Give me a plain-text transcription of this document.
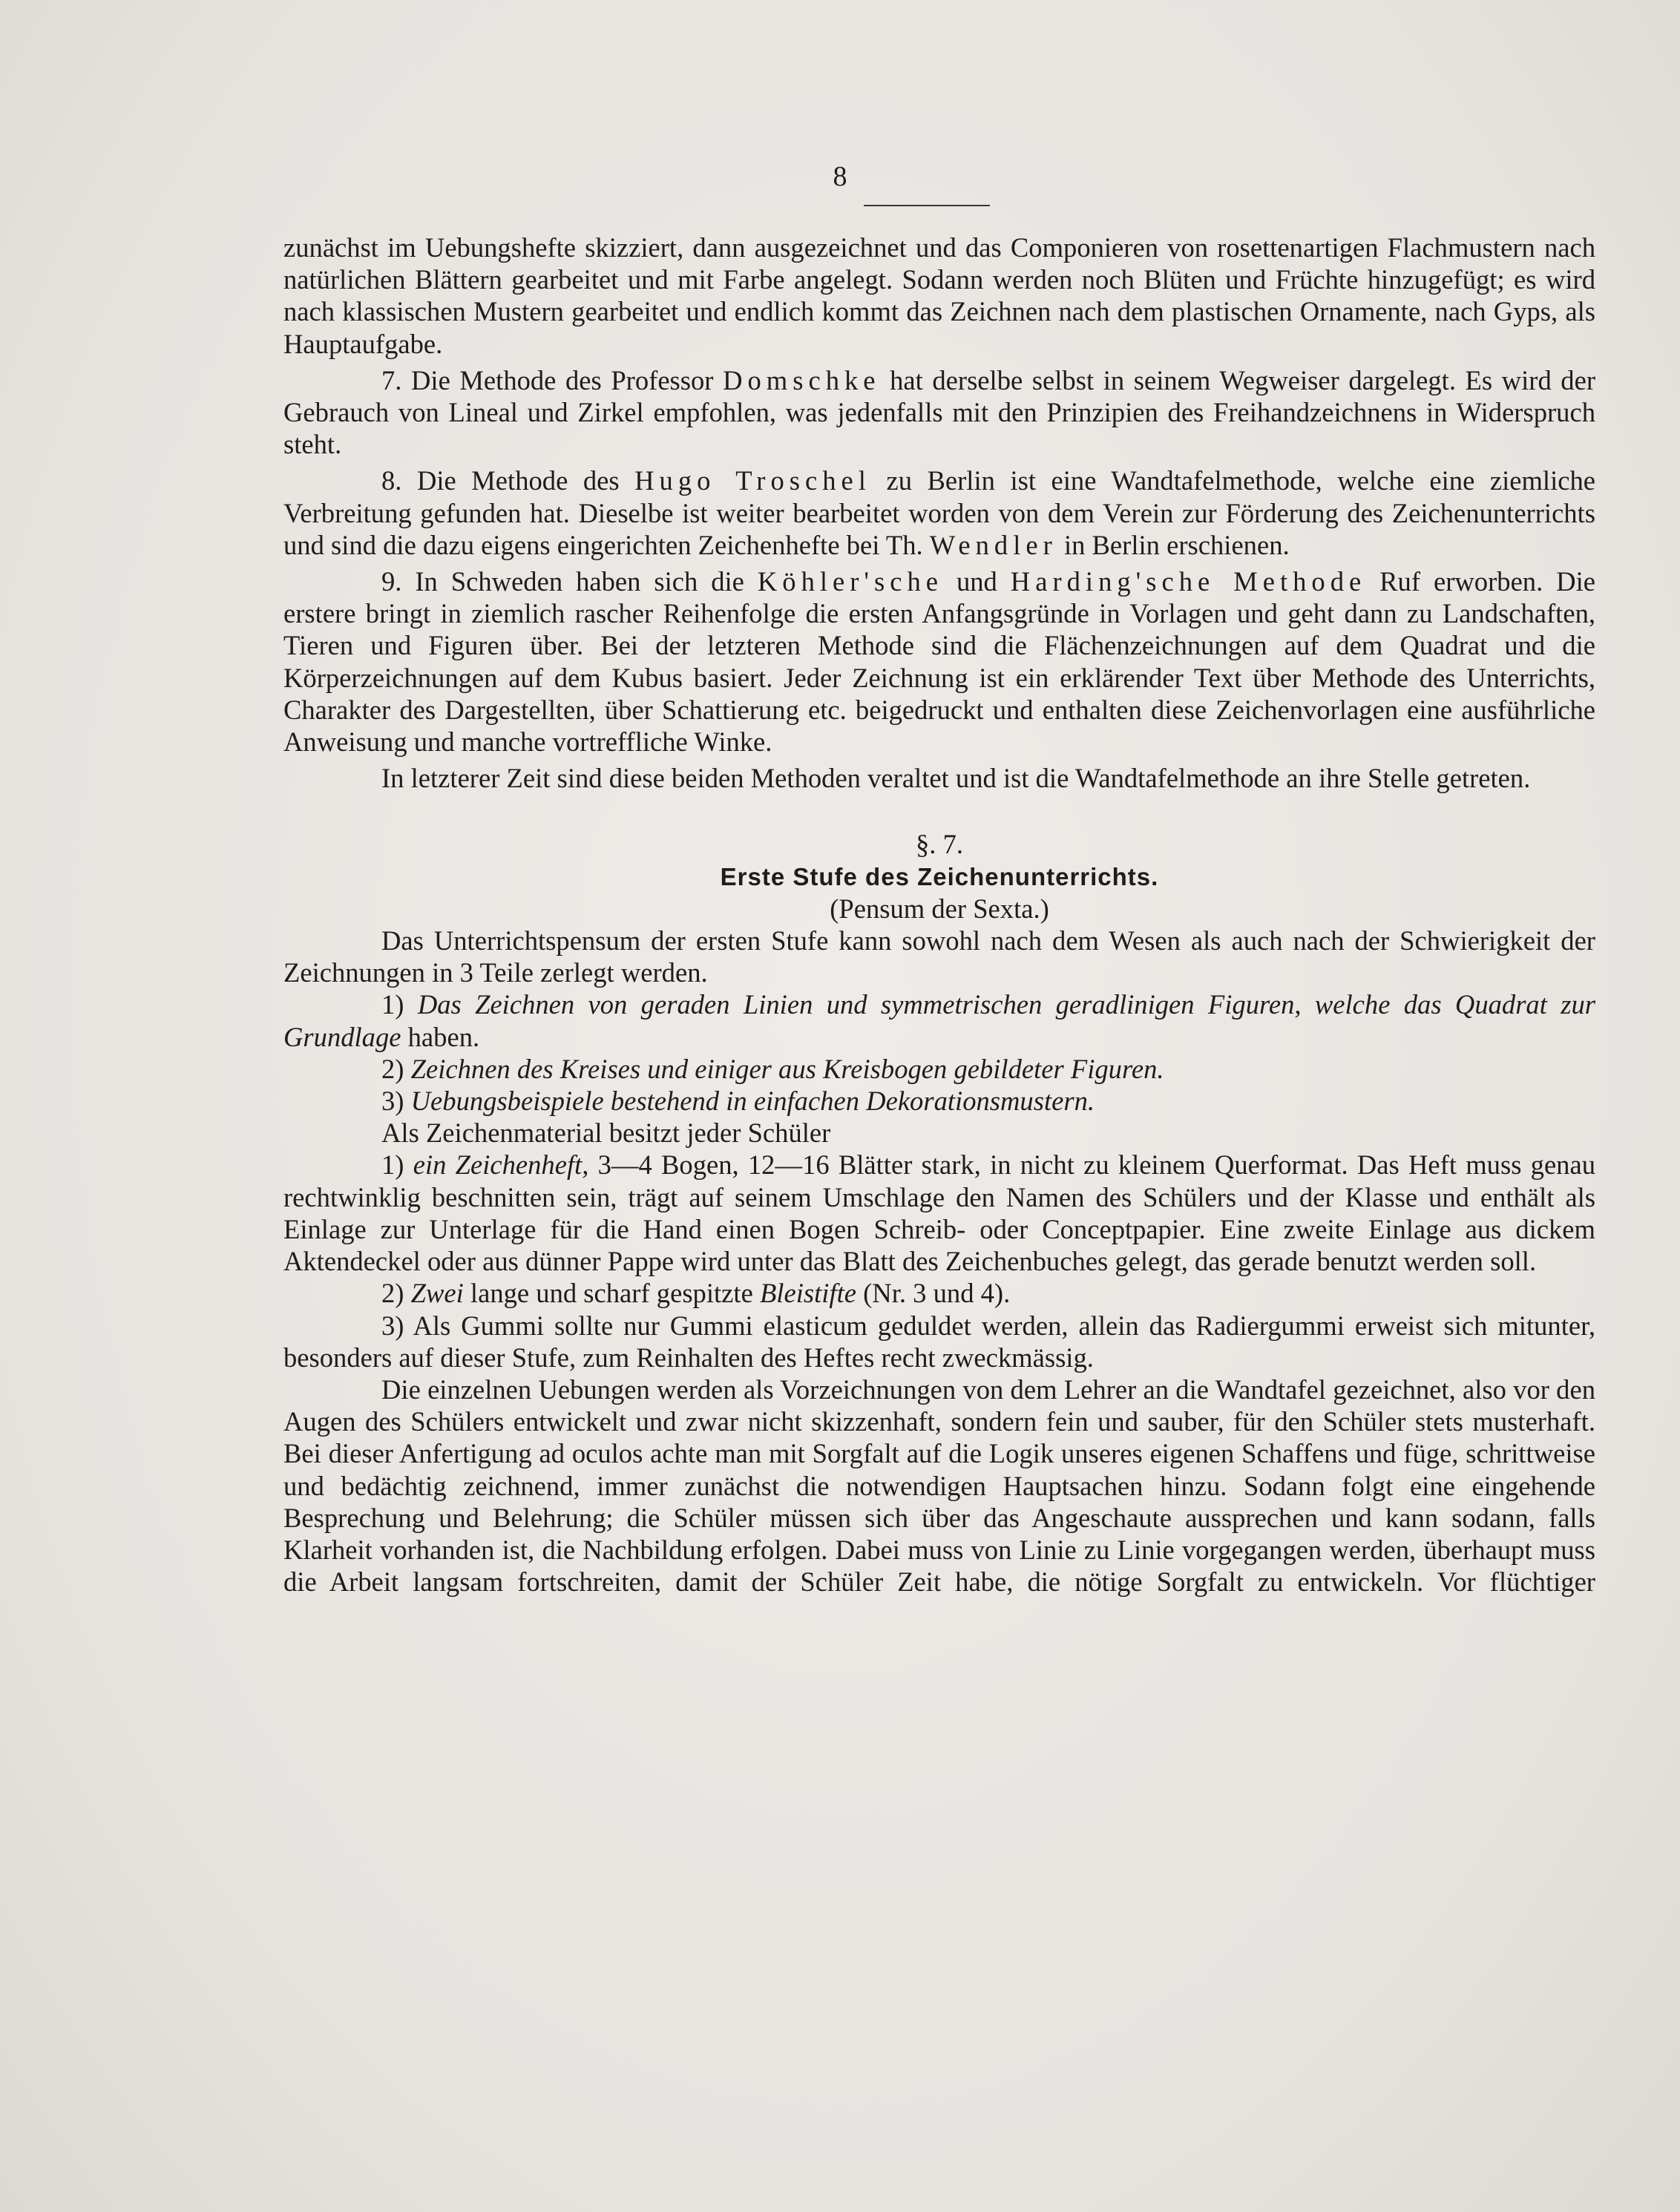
8

zunächst im Uebungshefte skizziert, dann ausgezeichnet und das Componieren von rosettenartigen Flachmustern nach natürlichen Blättern gearbeitet und mit Farbe angelegt. Sodann werden noch Blüten und Früchte hinzugefügt; es wird nach klassischen Mustern gearbeitet und endlich kommt das Zeichnen nach dem plastischen Ornamente, nach Gyps, als Hauptaufgabe.

7. Die Methode des Professor Domschke hat derselbe selbst in seinem Wegweiser dargelegt. Es wird der Gebrauch von Lineal und Zirkel empfohlen, was jedenfalls mit den Prinzipien des Freihandzeichnens in Widerspruch steht.

8. Die Methode des Hugo Troschel zu Berlin ist eine Wandtafelmethode, welche eine ziemliche Verbreitung gefunden hat. Dieselbe ist weiter bearbeitet worden von dem Verein zur Förderung des Zeichenunterrichts und sind die dazu eigens eingerichten Zeichenhefte bei Th. Wendler in Berlin erschienen.

9. In Schweden haben sich die Köhler'sche und Harding'sche Methode Ruf erworben. Die erstere bringt in ziemlich rascher Reihenfolge die ersten Anfangsgründe in Vorlagen und geht dann zu Landschaften, Tieren und Figuren über. Bei der letzteren Methode sind die Flächenzeichnungen auf dem Quadrat und die Körperzeichnungen auf dem Kubus basiert. Jeder Zeichnung ist ein erklärender Text über Methode des Unterrichts, Charakter des Dargestellten, über Schattierung etc. beigedruckt und enthalten diese Zeichenvorlagen eine ausführliche Anweisung und manche vortreffliche Winke.

In letzterer Zeit sind diese beiden Methoden veraltet und ist die Wandtafelmethode an ihre Stelle getreten.

§. 7.

Erste Stufe des Zeichenunterrichts.

(Pensum der Sexta.)

Das Unterrichtspensum der ersten Stufe kann sowohl nach dem Wesen als auch nach der Schwierigkeit der Zeichnungen in 3 Teile zerlegt werden.

1) Das Zeichnen von geraden Linien und symmetrischen geradlinigen Figuren, welche das Quadrat zur Grundlage haben.

2) Zeichnen des Kreises und einiger aus Kreisbogen gebildeter Figuren.

3) Uebungsbeispiele bestehend in einfachen Dekorationsmustern.

Als Zeichenmaterial besitzt jeder Schüler

1) ein Zeichenheft, 3—4 Bogen, 12—16 Blätter stark, in nicht zu kleinem Querformat. Das Heft muss genau rechtwinklig beschnitten sein, trägt auf seinem Umschlage den Namen des Schülers und der Klasse und enthält als Einlage zur Unterlage für die Hand einen Bogen Schreib- oder Conceptpapier. Eine zweite Einlage aus dickem Aktendeckel oder aus dünner Pappe wird unter das Blatt des Zeichenbuches gelegt, das gerade benutzt werden soll.

2) Zwei lange und scharf gespitzte Bleistifte (Nr. 3 und 4).

3) Als Gummi sollte nur Gummi elasticum geduldet werden, allein das Radiergummi erweist sich mitunter, besonders auf dieser Stufe, zum Reinhalten des Heftes recht zweckmässig.

Die einzelnen Uebungen werden als Vorzeichnungen von dem Lehrer an die Wandtafel gezeichnet, also vor den Augen des Schülers entwickelt und zwar nicht skizzenhaft, sondern fein und sauber, für den Schüler stets musterhaft. Bei dieser Anfertigung ad oculos achte man mit Sorgfalt auf die Logik unseres eigenen Schaffens und füge, schrittweise und bedächtig zeichnend, immer zunächst die notwendigen Hauptsachen hinzu. Sodann folgt eine eingehende Besprechung und Belehrung; die Schüler müssen sich über das Angeschaute aussprechen und kann sodann, falls Klarheit vorhanden ist, die Nachbildung erfolgen. Dabei muss von Linie zu Linie vorgegangen werden, überhaupt muss die Arbeit langsam fortschreiten, damit der Schüler Zeit habe, die nötige Sorgfalt zu entwickeln. Vor flüchtiger
